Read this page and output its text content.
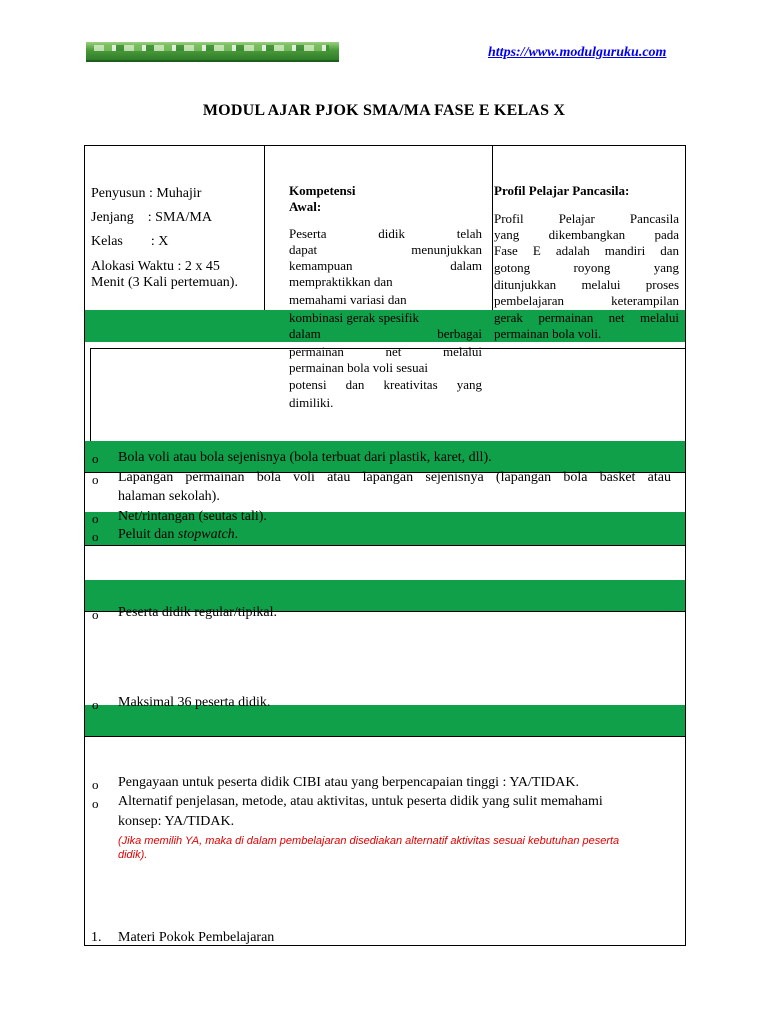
https://www.modulguruku.com
MODUL AJAR PJOK SMA/MA FASE E KELAS X
Penyusun : Muhajir
Jenjang    : SMA/MA
Kelas        : X
Alokasi Waktu : 2 x 45
Menit (3 Kali pertemuan).
Kompetensi
Awal:
Peserta didik telah
dapat menunjukkan
kemampuan dalam
mempraktikkan dan
memahami variasi dan
kombinasi gerak spesifik
dalam berbagai
permainan net melalui
permainan bola voli sesuai
potensi dan kreativitas yang
dimiliki.
Profil Pelajar Pancasila:
Profil Pelajar Pancasila
yang dikembangkan pada
Fase E adalah mandiri dan
gotong royong yang
ditunjukkan melalui proses
pembelajaran keterampilan
gerak permainan net melalui
permainan bola voli.
o Bola voli atau bola sejenisnya (bola terbuat dari plastik, karet, dll).
o Lapangan permainan bola voli atau lapangan sejenisnya (lapangan bola basket atau
halaman sekolah).
o Net/rintangan (seutas tali).
o Peluit dan stopwatch.
o Peserta didik regular/tipikal.
o Maksimal 36 peserta didik.
o Pengayaan untuk peserta didik CIBI atau yang berpencapaian tinggi : YA/TIDAK.
o Alternatif penjelasan, metode, atau aktivitas, untuk peserta didik yang sulit memahami
konsep: YA/TIDAK.
(Jika memilih YA, maka di dalam pembelajaran disediakan alternatif aktivitas sesuai kebutuhan peserta
didik).
1. Materi Pokok Pembelajaran
